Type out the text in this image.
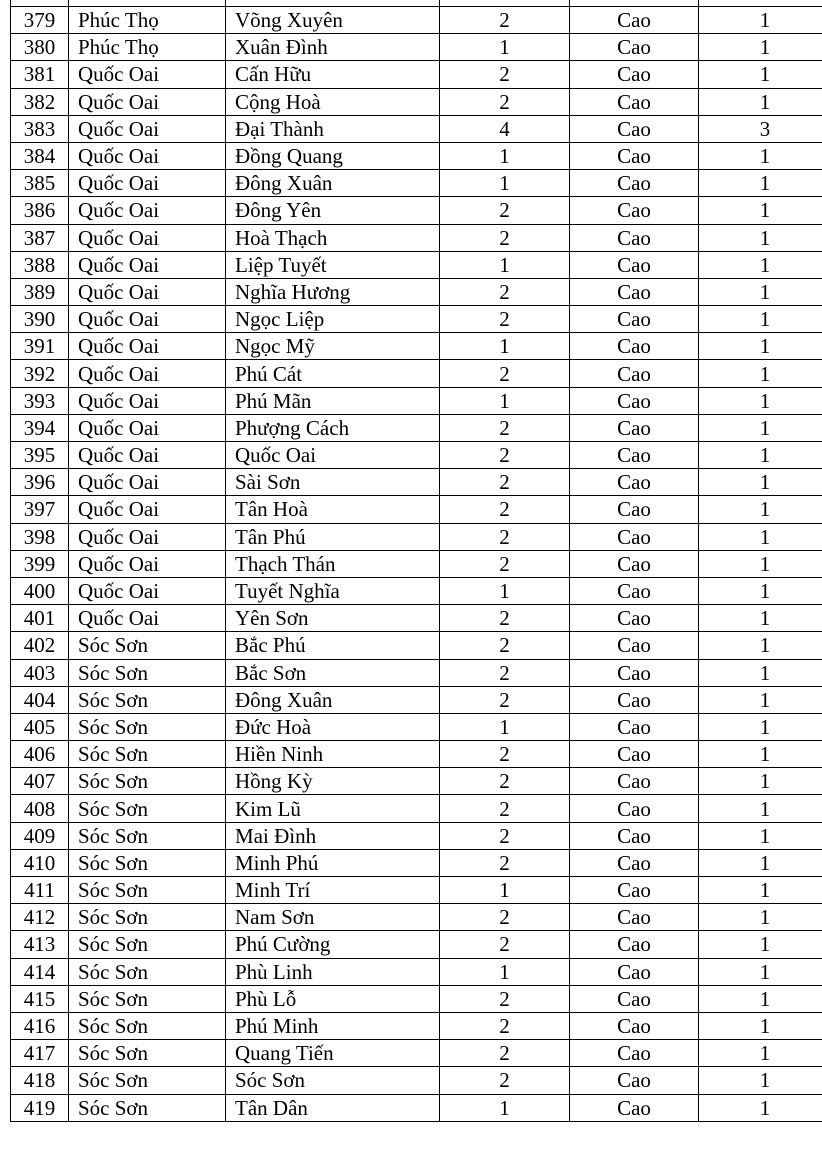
379	Phúc Thọ	Võng Xuyên	2	Cao	1
380	Phúc Thọ	Xuân Đình	1	Cao	1
381	Quốc Oai	Cấn Hữu	2	Cao	1
382	Quốc Oai	Cộng Hoà	2	Cao	1
383	Quốc Oai	Đại Thành	4	Cao	3
384	Quốc Oai	Đồng Quang	1	Cao	1
385	Quốc Oai	Đông Xuân	1	Cao	1
386	Quốc Oai	Đông Yên	2	Cao	1
387	Quốc Oai	Hoà Thạch	2	Cao	1
388	Quốc Oai	Liệp Tuyết	1	Cao	1
389	Quốc Oai	Nghĩa Hương	2	Cao	1
390	Quốc Oai	Ngọc Liệp	2	Cao	1
391	Quốc Oai	Ngọc Mỹ	1	Cao	1
392	Quốc Oai	Phú Cát	2	Cao	1
393	Quốc Oai	Phú Mãn	1	Cao	1
394	Quốc Oai	Phượng Cách	2	Cao	1
395	Quốc Oai	Quốc Oai	2	Cao	1
396	Quốc Oai	Sài Sơn	2	Cao	1
397	Quốc Oai	Tân Hoà	2	Cao	1
398	Quốc Oai	Tân Phú	2	Cao	1
399	Quốc Oai	Thạch Thán	2	Cao	1
400	Quốc Oai	Tuyết Nghĩa	1	Cao	1
401	Quốc Oai	Yên Sơn	2	Cao	1
402	Sóc Sơn	Bắc Phú	2	Cao	1
403	Sóc Sơn	Bắc Sơn	2	Cao	1
404	Sóc Sơn	Đông Xuân	2	Cao	1
405	Sóc Sơn	Đức Hoà	1	Cao	1
406	Sóc Sơn	Hiền Ninh	2	Cao	1
407	Sóc Sơn	Hồng Kỳ	2	Cao	1
408	Sóc Sơn	Kim Lũ	2	Cao	1
409	Sóc Sơn	Mai Đình	2	Cao	1
410	Sóc Sơn	Minh Phú	2	Cao	1
411	Sóc Sơn	Minh Trí	1	Cao	1
412	Sóc Sơn	Nam Sơn	2	Cao	1
413	Sóc Sơn	Phú Cường	2	Cao	1
414	Sóc Sơn	Phù Linh	1	Cao	1
415	Sóc Sơn	Phù Lỗ	2	Cao	1
416	Sóc Sơn	Phú Minh	2	Cao	1
417	Sóc Sơn	Quang Tiến	2	Cao	1
418	Sóc Sơn	Sóc Sơn	2	Cao	1
419	Sóc Sơn	Tân Dân	1	Cao	1
